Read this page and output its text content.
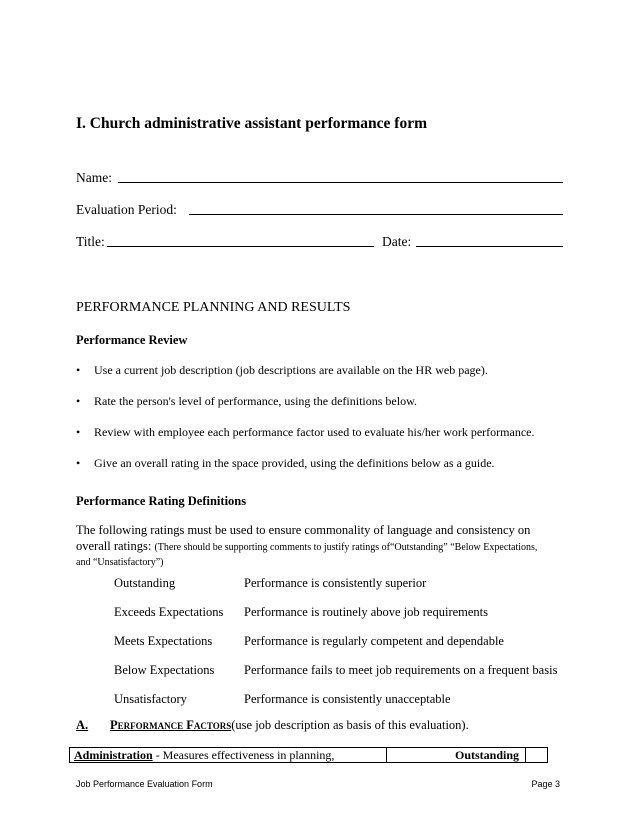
I. Church administrative assistant performance form
Name:
Evaluation Period:
Title:	Date:
PERFORMANCE PLANNING AND RESULTS
Performance Review
• Use a current job description (job descriptions are available on the HR web page).
• Rate the person's level of performance, using the definitions below.
• Review with employee each performance factor used to evaluate his/her work performance.
• Give an overall rating in the space provided, using the definitions below as a guide.
Performance Rating Definitions
The following ratings must be used to ensure commonality of language and consistency on
overall ratings: (There should be supporting comments to justify ratings of“Outstanding” “Below Expectations,
and “Unsatisfactory”)
Outstanding	Performance is consistently superior
Exceeds Expectations Performance is routinely above job requirements
Meets Expectations	Performance is regularly competent and dependable
Below Expectations Performance fails to meet job requirements on a frequent basis
Unsatisfactory	Performance is consistently unacceptable
A. Performance Factors(use job description as basis of this evaluation).
Administration - Measures effectiveness in planning,	Outstanding
Job Performance Evaluation Form	Page 3
